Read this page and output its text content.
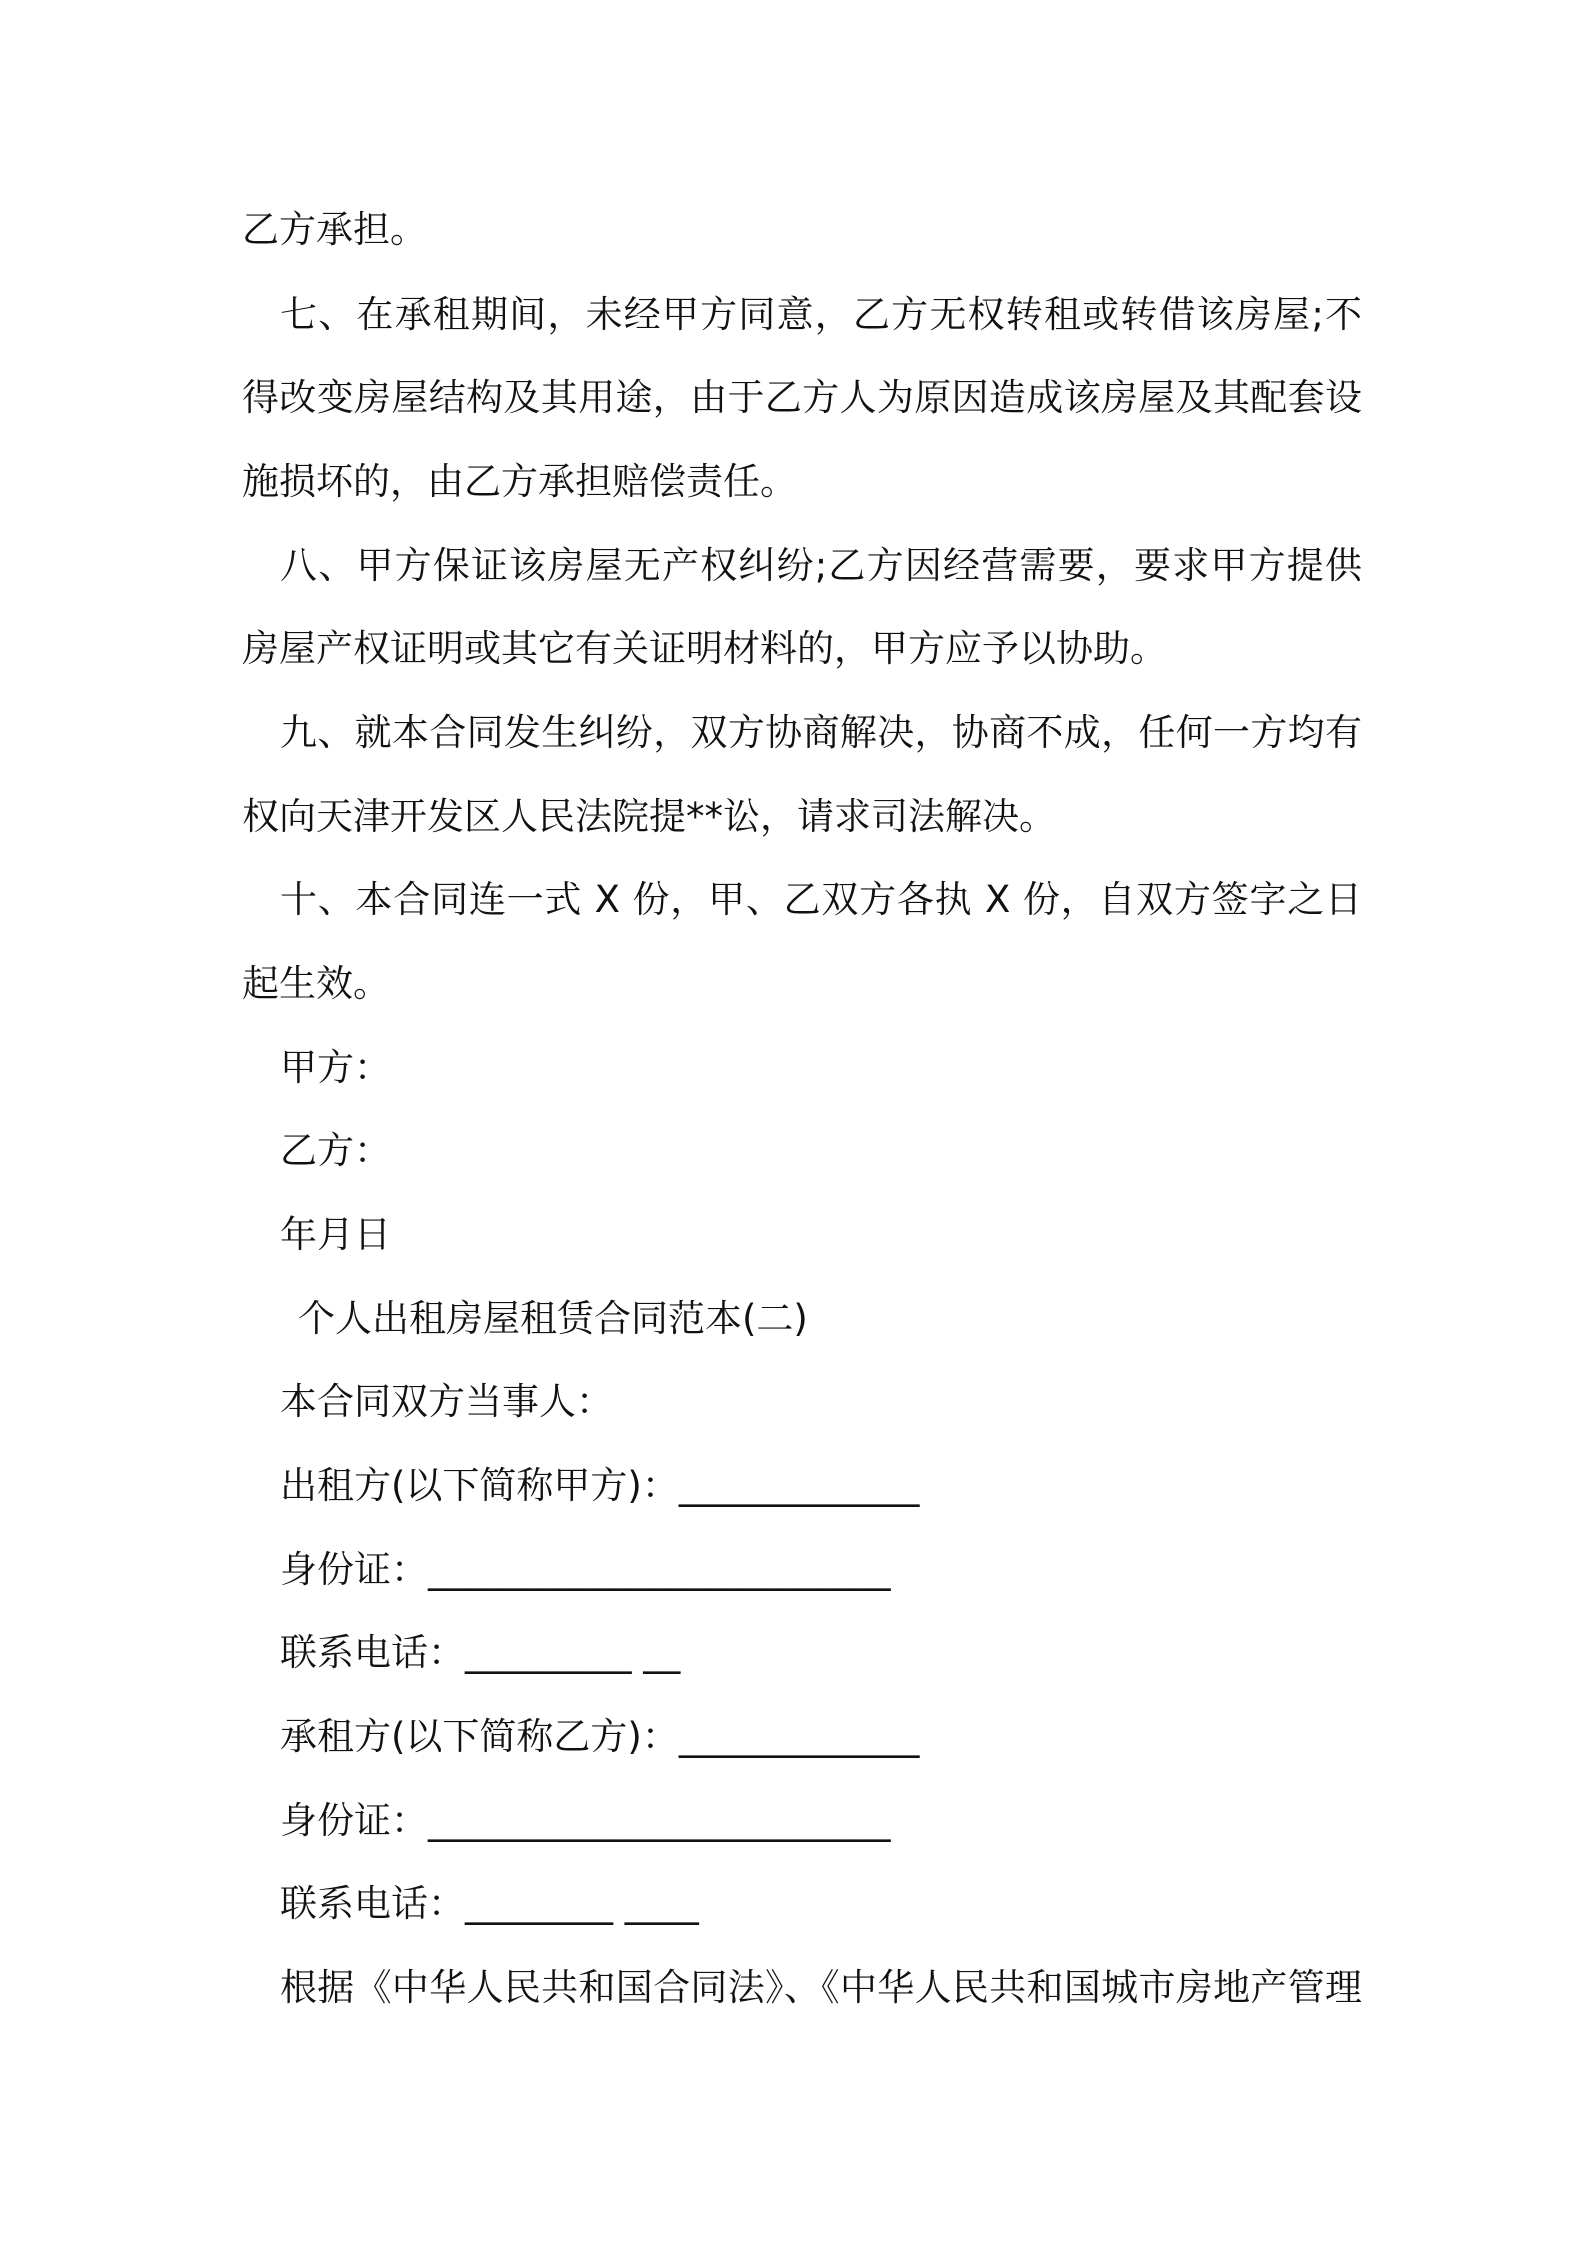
乙方承担。
七、在承租期间，未经甲方同意，乙方无权转租或转借该房屋;不
得改变房屋结构及其用途，由于乙方人为原因造成该房屋及其配套设
施损坏的，由乙方承担赔偿责任。
八、甲方保证该房屋无产权纠纷;乙方因经营需要，要求甲方提供
房屋产权证明或其它有关证明材料的，甲方应予以协助。
九、就本合同发生纠纷，双方协商解决，协商不成，任何一方均有
权向天津开发区人民法院提**讼，请求司法解决。
十、本合同连一式 X 份，甲、乙双方各执 X 份，自双方签字之日
起生效。
甲方：
乙方：
年月日
个人出租房屋租赁合同范本(二)
本合同双方当事人：
出租方(以下简称甲方)：_____________
身份证：_________________________
联系电话：_________ __
承租方(以下简称乙方)：_____________
身份证：_________________________
联系电话：________ ____
根据《中华人民共和国合同法》、《中华人民共和国城市房地产管理
